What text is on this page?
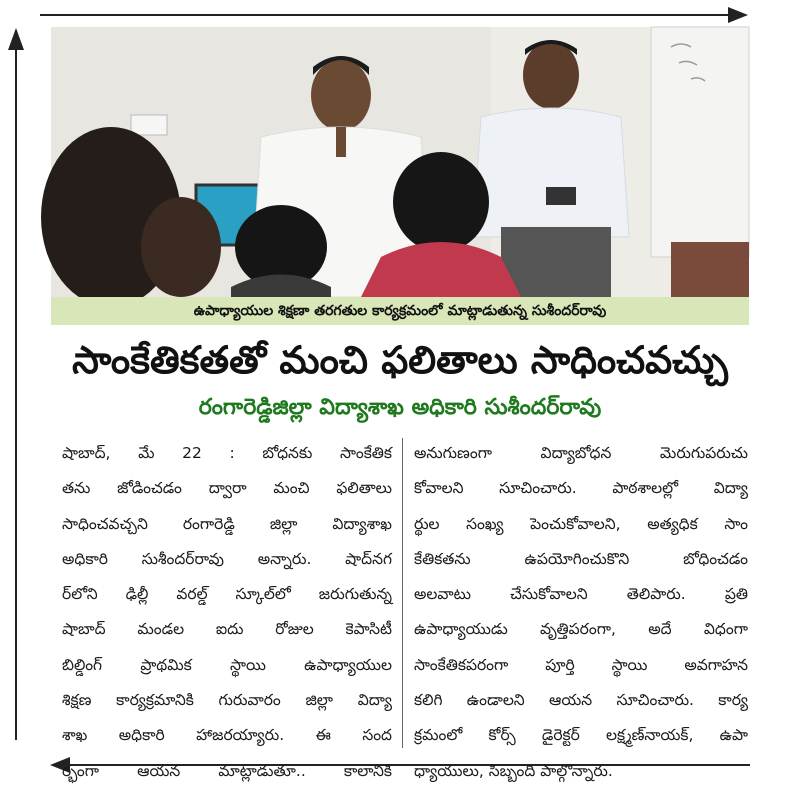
ఉపాధ్యాయుల శిక్షణా తరగతుల కార్యక్రమంలో మాట్లాడుతున్న సుశీందర్‌రావు
సాంకేతికతతో మంచి ఫలితాలు సాధించవచ్చు
రంగారెడ్డిజిల్లా విద్యాశాఖ అధికారి సుశీందర్‌రావు
షాబాద్, మే 22 : బోధనకు సాంకేతిక
తను జోడించడం ద్వారా మంచి ఫలితాలు
సాధించవచ్చని రంగారెడ్డి జిల్లా విద్యాశాఖ
అధికారి సుశీందర్‌రావు అన్నారు. షాద్‌నగ
ర్‌లోని ఢిల్లీ వరల్డ్ స్కూల్‌లో జరుగుతున్న
షాబాద్ మండల ఐదు రోజుల కెపాసిటీ
బిల్డింగ్ ప్రాథమిక స్థాయి ఉపాధ్యాయుల
శిక్షణ కార్యక్రమానికి గురువారం జిల్లా విద్యా
శాఖ అధికారి హాజరయ్యారు. ఈ సంద
ర్భంగా ఆయన మాట్లాడుతూ.. కాలానికి
అనుగుణంగా విద్యాబోధన మెరుగుపరుచు
కోవాలని సూచించారు. పాఠశాలల్లో విద్యా
ర్థుల సంఖ్య పెంచుకోవాలని, అత్యధిక సాం
కేతికతను ఉపయోగించుకొని బోధించడం
అలవాటు చేసుకోవాలని తెలిపారు. ప్రతి
ఉపాధ్యాయుడు వృత్తిపరంగా, అదే విధంగా
సాంకేతికపరంగా పూర్తి స్థాయి అవగాహన
కలిగి ఉండాలని ఆయన సూచించారు. కార్య
క్రమంలో కోర్స్ డైరెక్టర్ లక్ష్మణ్‌నాయక్, ఉపా
ధ్యాయులు, సిబ్బంది పాల్గొన్నారు.
